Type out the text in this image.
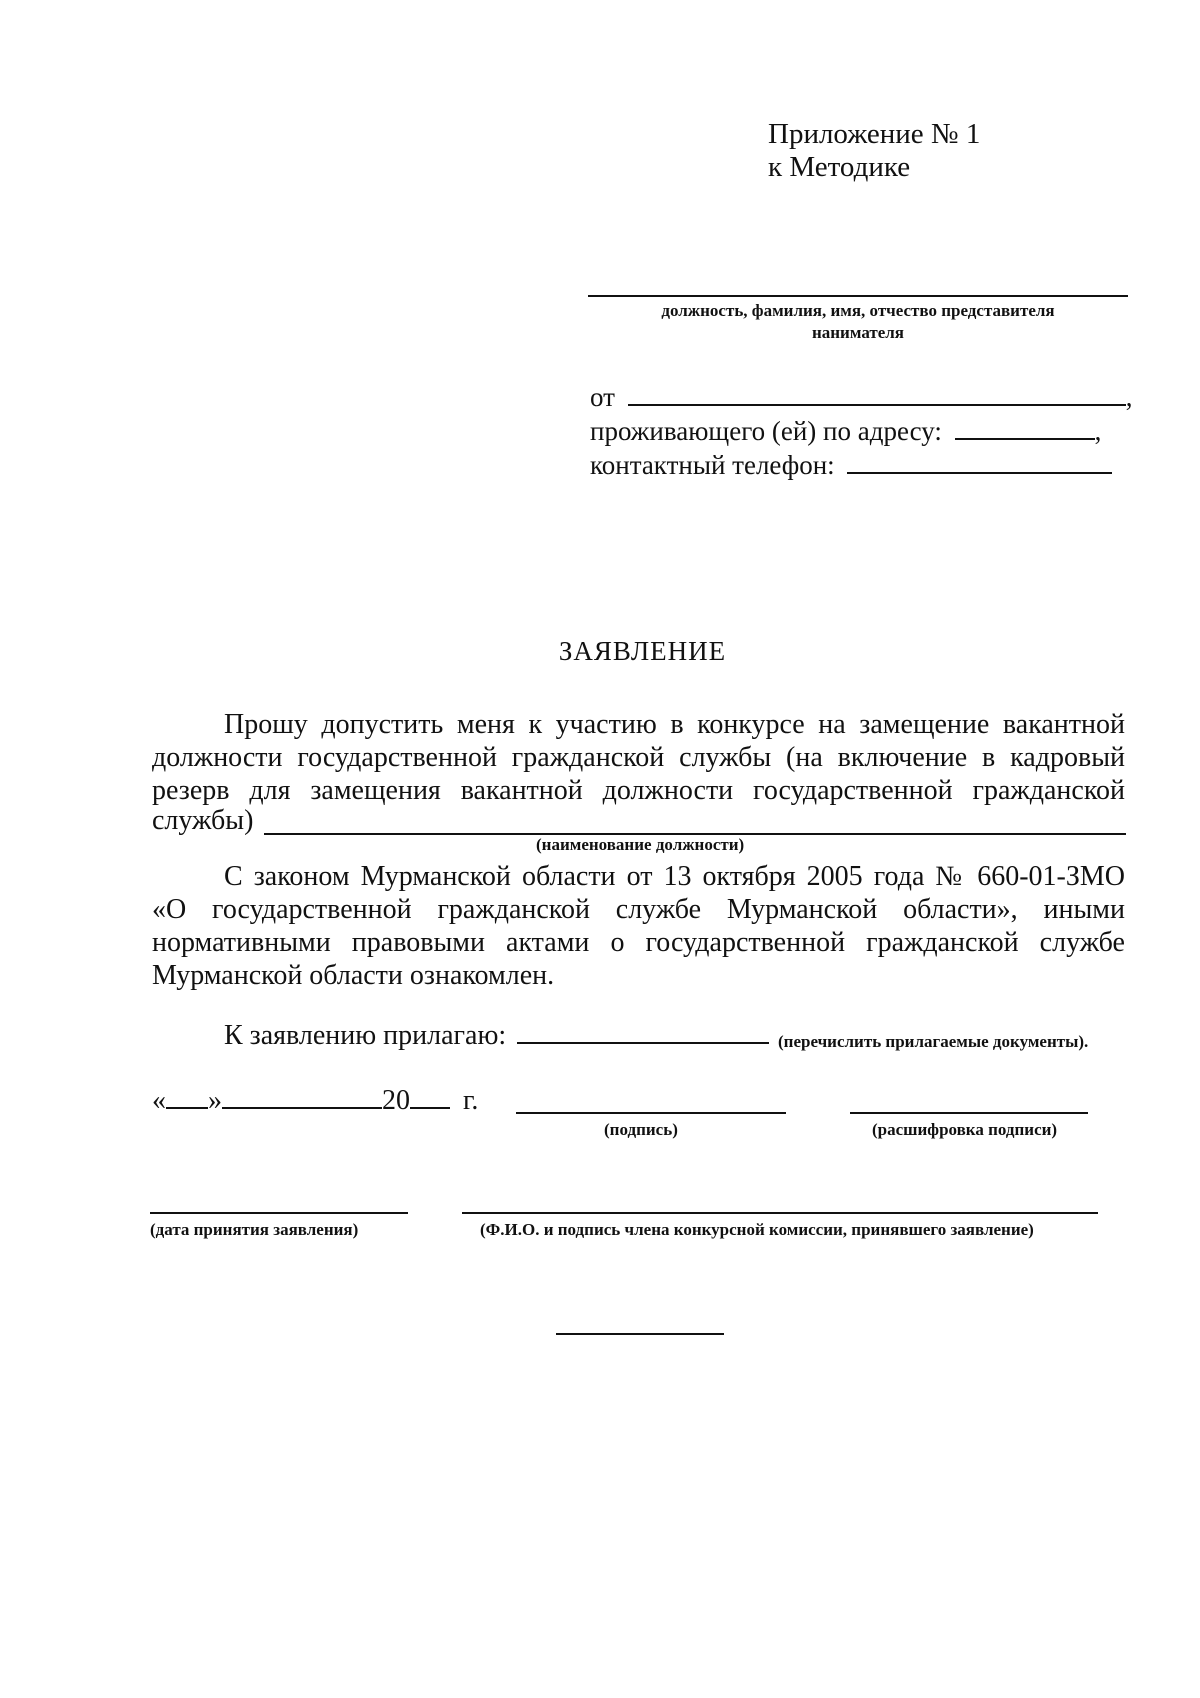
Приложение № 1
к Методике
должность, фамилия, имя, отчество представителя
нанимателя
от	,
проживающего (ей) по адресу:	,
контактный телефон:
ЗАЯВЛЕНИЕ
Прошу допустить меня к участию в конкурсе на замещение вакантной
должности государственной гражданской службы (на включение в кадровый
резерв для замещения вакантной должности государственной гражданской
службы)
(наименование должности)
С законом Мурманской области от 13 октября 2005 года № 660-01-ЗМО
«О государственной гражданской службе Мурманской области», иными
нормативными правовыми актами о государственной гражданской службе
Мурманской области ознакомлен.
К заявлению прилагаю:	(перечислить прилагаемые документы).
« »	20 г.
(подпись)	(расшифровка подписи)
(дата принятия заявления)	(Ф.И.О. и подпись члена конкурсной комиссии, принявшего заявление)
